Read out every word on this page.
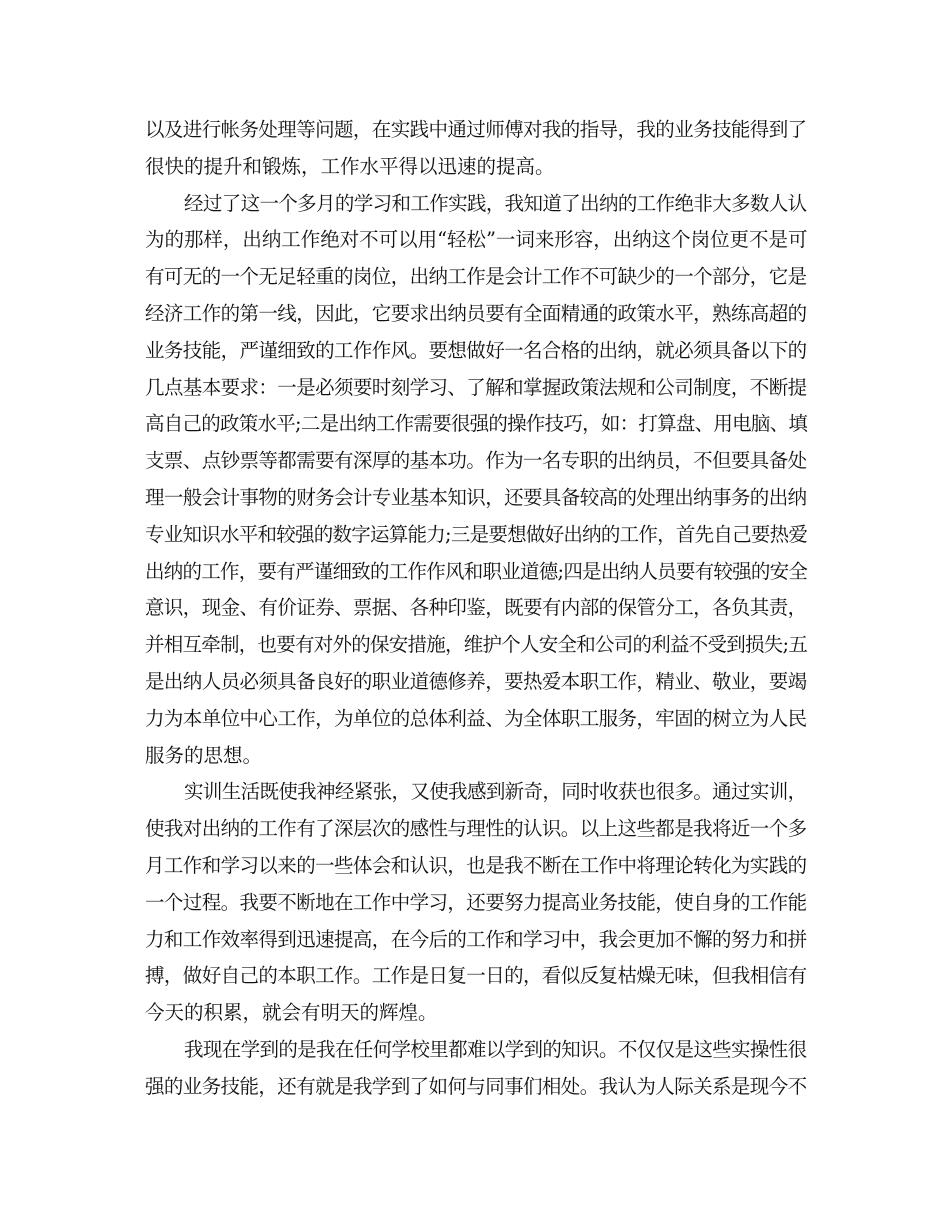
以及进行帐务处理等问题，在实践中通过师傅对我的指导，我的业务技能得到了
很快的提升和锻炼，工作水平得以迅速的提高。
经过了这一个多月的学习和工作实践，我知道了出纳的工作绝非大多数人认
为的那样，出纳工作绝对不可以用“轻松”一词来形容，出纳这个岗位更不是可
有可无的一个无足轻重的岗位，出纳工作是会计工作不可缺少的一个部分，它是
经济工作的第一线，因此，它要求出纳员要有全面精通的政策水平，熟练高超的
业务技能，严谨细致的工作作风。要想做好一名合格的出纳，就必须具备以下的
几点基本要求：一是必须要时刻学习、了解和掌握政策法规和公司制度，不断提
高自己的政策水平;二是出纳工作需要很强的操作技巧，如：打算盘、用电脑、填
支票、点钞票等都需要有深厚的基本功。作为一名专职的出纳员，不但要具备处
理一般会计事物的财务会计专业基本知识，还要具备较高的处理出纳事务的出纳
专业知识水平和较强的数字运算能力;三是要想做好出纳的工作，首先自己要热爱
出纳的工作，要有严谨细致的工作作风和职业道德;四是出纳人员要有较强的安全
意识，现金、有价证券、票据、各种印鉴，既要有内部的保管分工，各负其责，
并相互牵制，也要有对外的保安措施，维护个人安全和公司的利益不受到损失;五
是出纳人员必须具备良好的职业道德修养，要热爱本职工作，精业、敬业，要竭
力为本单位中心工作，为单位的总体利益、为全体职工服务，牢固的树立为人民
服务的思想。
实训生活既使我神经紧张，又使我感到新奇，同时收获也很多。通过实训，
使我对出纳的工作有了深层次的感性与理性的认识。以上这些都是我将近一个多
月工作和学习以来的一些体会和认识，也是我不断在工作中将理论转化为实践的
一个过程。我要不断地在工作中学习，还要努力提高业务技能，使自身的工作能
力和工作效率得到迅速提高，在今后的工作和学习中，我会更加不懈的努力和拼
搏，做好自己的本职工作。工作是日复一日的，看似反复枯燥无味，但我相信有
今天的积累，就会有明天的辉煌。
我现在学到的是我在任何学校里都难以学到的知识。不仅仅是这些实操性很
强的业务技能，还有就是我学到了如何与同事们相处。我认为人际关系是现今不
